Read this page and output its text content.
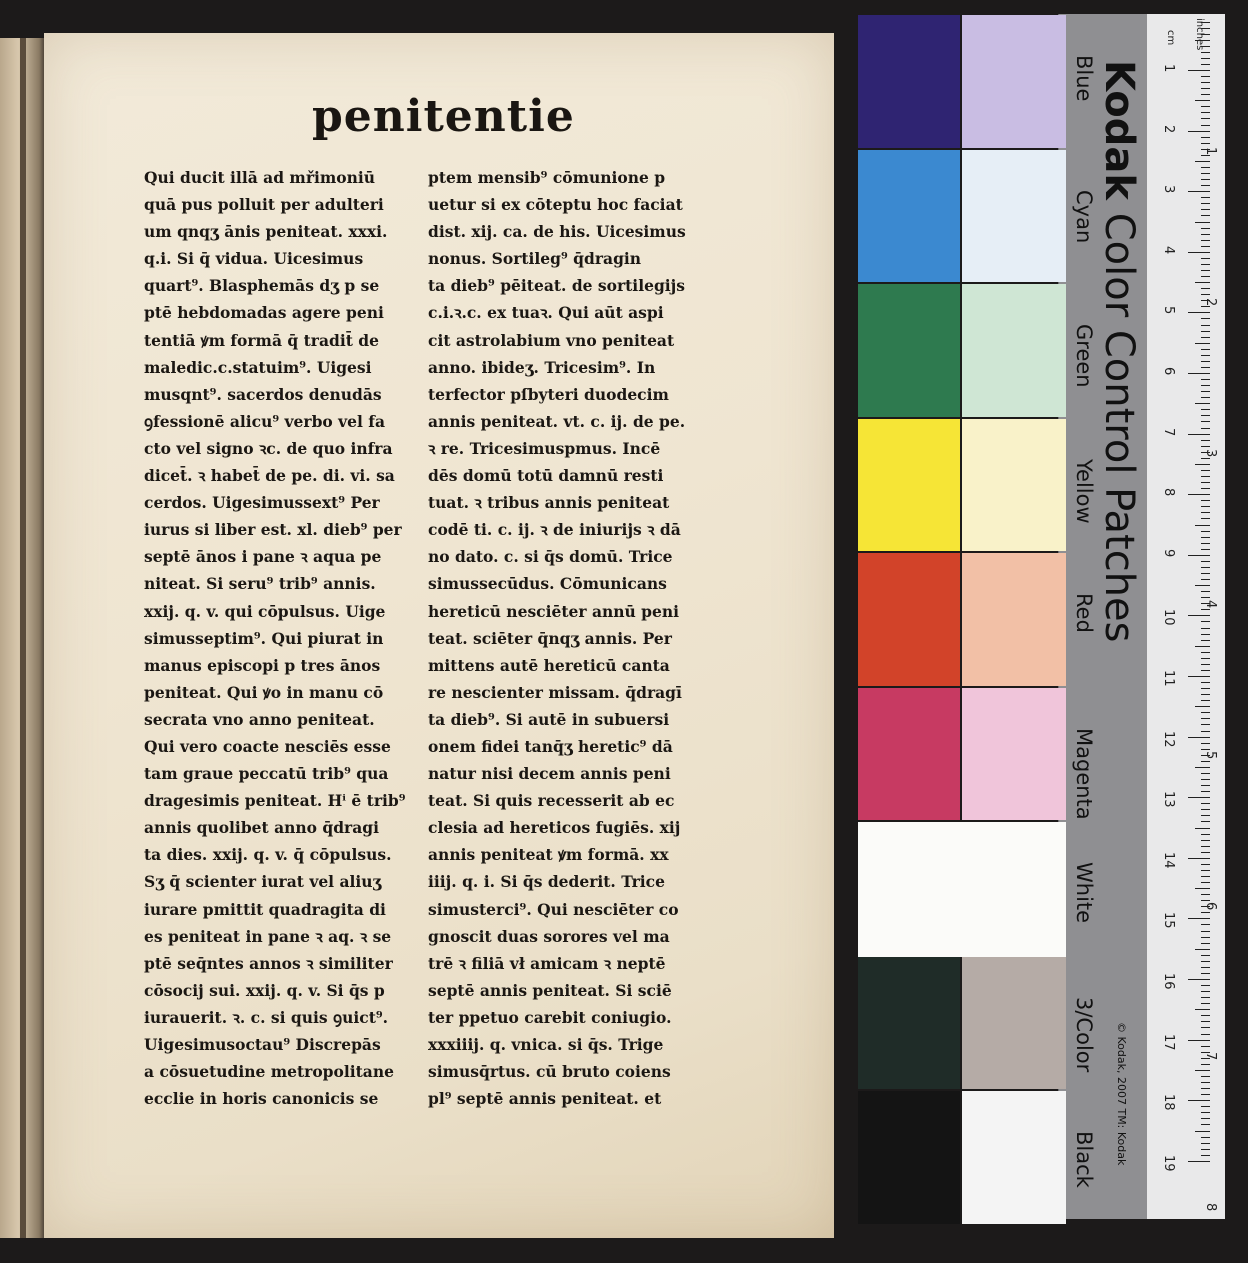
penitentie
Qui ducit illā ad mřimoniū
quā pus polluit per adulteri
um qnqʒ ānis peniteat. xxxi.
q.i. Si q̄ vidua. Uicesimus
quart⁹. Blasphemās dʒ p se
ptē hebdomadas agere peni
tentiā ꝟm formā q̄ tradit̄ de
maledic.c.statuim⁹. Uigesi
musqnt⁹. sacerdos denudās
ꝯfessionē alicu⁹ verbo vel fa
cto vel signo ꝛc. de quo infra
dicet̄. ꝛ habet̄ de pe. di. vi. sa
cerdos. Uigesimussext⁹ Per
iurus si liber est. xl. dieb⁹ per
septē ānos i pane ꝛ aqua pe
niteat. Si seru⁹ trib⁹ annis.
xxij. q. v. qui cōpulsus. Uige
simusseptim⁹. Qui piurat in
manus episcopi p tres ānos
peniteat. Qui ꝟo in manu cō
secrata vno anno peniteat.
Qui vero coacte nesciēs esse
tam graue peccatū trib⁹ qua
dragesimis peniteat. Hⁱ ē trib⁹
annis quolibet anno q̄dragi
ta dies. xxij. q. v. q̄ cōpulsus.
Sʒ q̄ scienter iurat vel aliuʒ
iurare pmittit quadragita di
es peniteat in pane ꝛ aq. ꝛ se
ptē seq̄ntes annos ꝛ similiter
cōsocij sui. xxij. q. v. Si q̄s p
iurauerit. ꝛ. c. si quis ꝯuict⁹.
Uigesimusoctau⁹ Discrepās
a cōsuetudine metropolitane
ecclie in horis canonicis se
ptem mensib⁹ cōmunione p
uetur si ex cōteptu hoc faciat
dist. xij. ca. de his. Uicesimus
nonus. Sortileg⁹ q̄dragin
ta dieb⁹ pēiteat. de sortilegijs
c.i.ꝛ.c. ex tuaꝛ. Qui aūt aspi
cit astrolabium vno peniteat
anno. ibideʒ. Tricesim⁹. In
terfector pſbyteri duodecim
annis peniteat. vt. c. ij. de pe.
ꝛ re. Tricesimuspmus. Incē
dēs domū totū damnū resti
tuat. ꝛ tribus annis peniteat
codē ti. c. ij. ꝛ de iniurijs ꝛ dā
no dato. c. si q̄s domū. Trice
simussecūdus. Cōmunicans
hereticū nesciēter annū peni
teat. sciēter q̄nqʒ annis. Per
mittens autē hereticū canta
re nescienter missam. q̄dragī
ta dieb⁹. Si autē in subuersi
onem fidei tanq̄ʒ heretic⁹ dā
natur nisi decem annis peni
teat. Si quis recesserit ab ec
clesia ad hereticos fugiēs. xij
annis peniteat ꝟm formā. xx
iiij. q. i. Si q̄s dederit. Trice
simusterci⁹. Qui nesciēter co
gnoscit duas sorores vel ma
trē ꝛ filiā vł amicam ꝛ neptē
septē annis peniteat. Si sciē
ter ppetuo carebit coniugio.
xxxiiij. q. vnica. si q̄s. Trige
simusq̄rtus. cū bruto coiens
pl⁹ septē annis peniteat. et
Blue
Cyan
Green
Yellow
Red
Magenta
White
3/Color
Black
1
2
3
4
5
6
7
8
9
10
11
12
13
14
15
16
17
18
19
1
2
3
4
5
6
7
8
cm inches
Kodak Color Control Patches
© Kodak, 2007 TM: Kodak
